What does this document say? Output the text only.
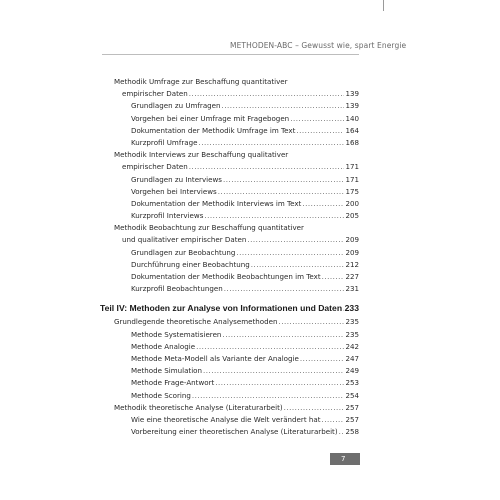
METHODEN-ABC – Gewusst wie, spart Energie
Methodik Umfrage zur Beschaffung quantitativer
empirischer Daten .....	139
Grundlagen zu Umfragen .....	139
Vorgehen bei einer Umfrage mit Fragebogen .....	140
Dokumentation der Methodik Umfrage im Text .....	164
Kurzprofil Umfrage .....	168
Methodik Interviews zur Beschaffung qualitativer
empirischer Daten .....	171
Grundlagen zu Interviews .....	171
Vorgehen bei Interviews .....	175
Dokumentation der Methodik Interviews im Text .....	200
Kurzprofil Interviews .....	205
Methodik Beobachtung zur Beschaffung quantitativer
und qualitativer empirischer Daten .....	209
Grundlagen zur Beobachtung .....	209
Durchführung einer Beobachtung .....	212
Dokumentation der Methodik Beobachtungen im Text .....	227
Kurzprofil Beobachtungen .....	231
Teil IV: Methoden zur Analyse von Informationen und Daten ..... 233
Grundlegende theoretische Analysemethoden .....	235
Methode Systematisieren .....	235
Methode Analogie .....	242
Methode Meta-Modell als Variante der Analogie .....	247
Methode Simulation .....	249
Methode Frage-Antwort .....	253
Methode Scoring .....	254
Methodik theoretische Analyse (Literaturarbeit) .....	257
Wie eine theoretische Analyse die Welt verändert hat .....	257
Vorbereitung einer theoretischen Analyse (Literaturarbeit) ..... 258
7
